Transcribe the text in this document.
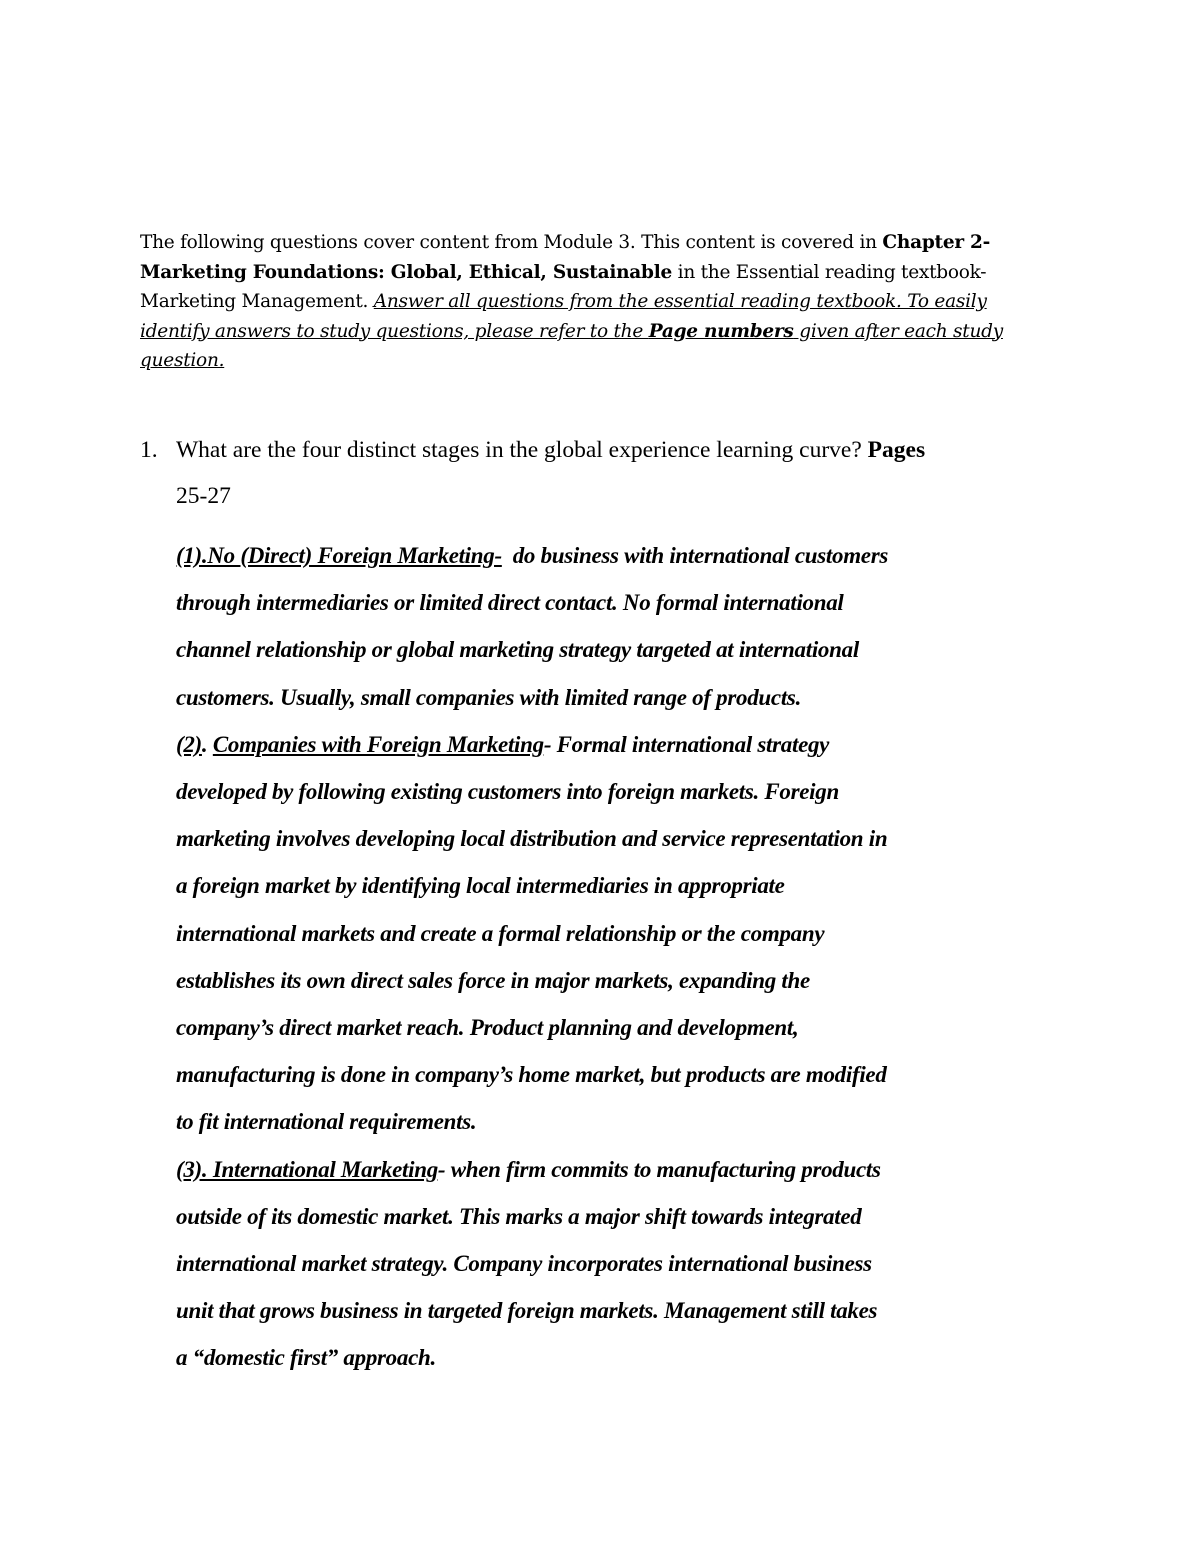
The following questions cover content from Module 3. This content is covered in Chapter 2-
Marketing Foundations: Global, Ethical, Sustainable in the Essential reading textbook-
Marketing Management. Answer all questions from the essential reading textbook. To easily
identify answers to study questions, please refer to the Page numbers given after each study
question.
1. What are the four distinct stages in the global experience learning curve? Pages
25-27
(1).No (Direct) Foreign Marketing-  do business with international customers
through intermediaries or limited direct contact. No formal international
channel relationship or global marketing strategy targeted at international
customers. Usually, small companies with limited range of products.
(2). Companies with Foreign Marketing- Formal international strategy
developed by following existing customers into foreign markets. Foreign
marketing involves developing local distribution and service representation in
a foreign market by identifying local intermediaries in appropriate
international markets and create a formal relationship or the company
establishes its own direct sales force in major markets, expanding the
company’s direct market reach. Product planning and development,
manufacturing is done in company’s home market, but products are modified
to fit international requirements.
(3). International Marketing- when firm commits to manufacturing products
outside of its domestic market. This marks a major shift towards integrated
international market strategy. Company incorporates international business
unit that grows business in targeted foreign markets. Management still takes
a “domestic first” approach.
